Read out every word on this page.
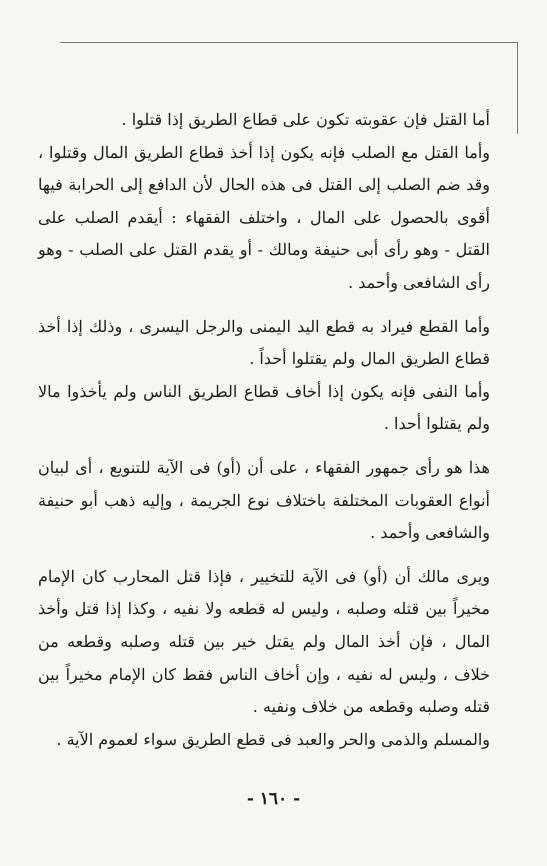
أما القتل فإن عقوبته تكون على قطاع الطريق إذا قتلوا .

وأما القتل مع الصلب فإنه يكون إذا أخذ قطاع الطريق المال وقتلوا ، وقد ضم الصلب إلى القتل فى هذه الحال لأن الدافع إلى الحرابة فيها أقوى بالحصول على المال ، واختلف الفقهاء : أيقدم الصلب على القتل - وهو رأى أبى حنيفة ومالك - أو يقدم القتل على الصلب - وهو رأى الشافعى وأحمد .

وأما القطع فيراد به قطع اليد اليمنى والرجل اليسرى ، وذلك إذا أخذ قطاع الطريق المال ولم يقتلوا أحداً .

وأما النفى فإنه يكون إذا أخاف قطاع الطريق الناس ولم يأخذوا مالا ولم يقتلوا أحدا .

هذا هو رأى جمهور الفقهاء ، على أن (أو) فى الآية للتنويع ، أى لبيان أنواع العقوبات المختلفة باختلاف نوع الجريمة ، وإليه ذهب أبو حنيفة والشافعى وأحمد .

ويرى مالك أن (أو) فى الآية للتخيير ، فإذا قتل المحارب كان الإمام مخيراً بين قتله وصلبه ، وليس له قطعه ولا نفيه ، وكذا إذا قتل وأخذ المال ، فإن أخذ المال ولم يقتل خير بين قتله وصلبه وقطعه من خلاف ، وليس له نفيه ، وإن أخاف الناس فقط كان الإمام مخيراً بين قتله وصلبه وقطعه من خلاف ونفيه .

والمسلم والذمى والحر والعبد فى قطع الطريق سواء لعموم الآية .

- ١٦٠ -
